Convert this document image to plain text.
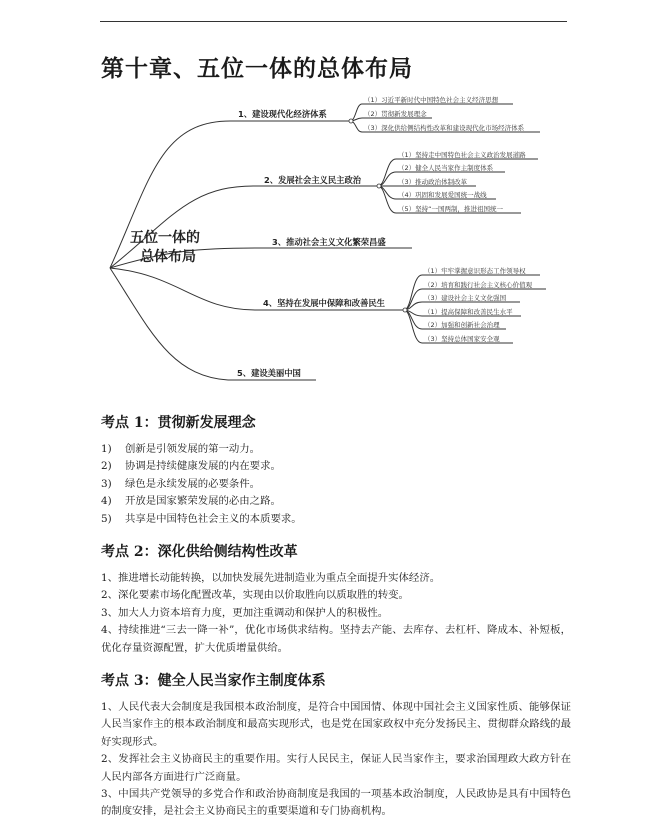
第十章、五位一体的总体布局
五位一体的
总体布局
1、建设现代化经济体系
2、发展社会主义民主政治
3、推动社会主义文化繁荣昌盛
4、坚持在发展中保障和改善民生
5、建设美丽中国
（1）习近平新时代中国特色社会主义经济思想
（2）贯彻新发展理念
（3）深化供给侧结构性改革和建设现代化市场经济体系
（1）坚持走中国特色社会主义政治发展道路
（2）健全人民当家作主制度体系
（3）推动政治体制改革
（4）巩固和发展爱国统一战线
（5）坚持“一国两制，推进祖国统一
（1）牢牢掌握意识形态工作领导权
（2）培育和践行社会主义核心价值观
（3）建设社会主义文化强国
（1）提高保障和改善民生水平
（2）加强和创新社会治理
（3）坚持总体国家安全观
考点 1：贯彻新发展理念
1) 创新是引领发展的第一动力。
2) 协调是持续健康发展的内在要求。
3) 绿色是永续发展的必要条件。
4) 开放是国家繁荣发展的必由之路。
5) 共享是中国特色社会主义的本质要求。
考点 2：深化供给侧结构性改革

1、推进增长动能转换，以加快发展先进制造业为重点全面提升实体经济。

2、深化要素市场化配置改革，实现由以价取胜向以质取胜的转变。

3、加大人力资本培育力度，更加注重调动和保护人的积极性。

4、持续推进“三去一降一补”，优化市场供求结构。坚持去产能、去库存、去杠杆、降成本、补短板，优化存量资源配置，扩大优质增量供给。

考点 3：健全人民当家作主制度体系

1、人民代表大会制度是我国根本政治制度，是符合中国国情、体现中国社会主义国家性质、能够保证人民当家作主的根本政治制度和最高实现形式，也是党在国家政权中充分发扬民主、贯彻群众路线的最好实现形式。

2、发挥社会主义协商民主的重要作用。实行人民民主，保证人民当家作主，要求治国理政大政方针在人民内部各方面进行广泛商量。

3、中国共产党领导的多党合作和政治协商制度是我国的一项基本政治制度，人民政协是具有中国特色的制度安排，是社会主义协商民主的重要渠道和专门协商机构。
